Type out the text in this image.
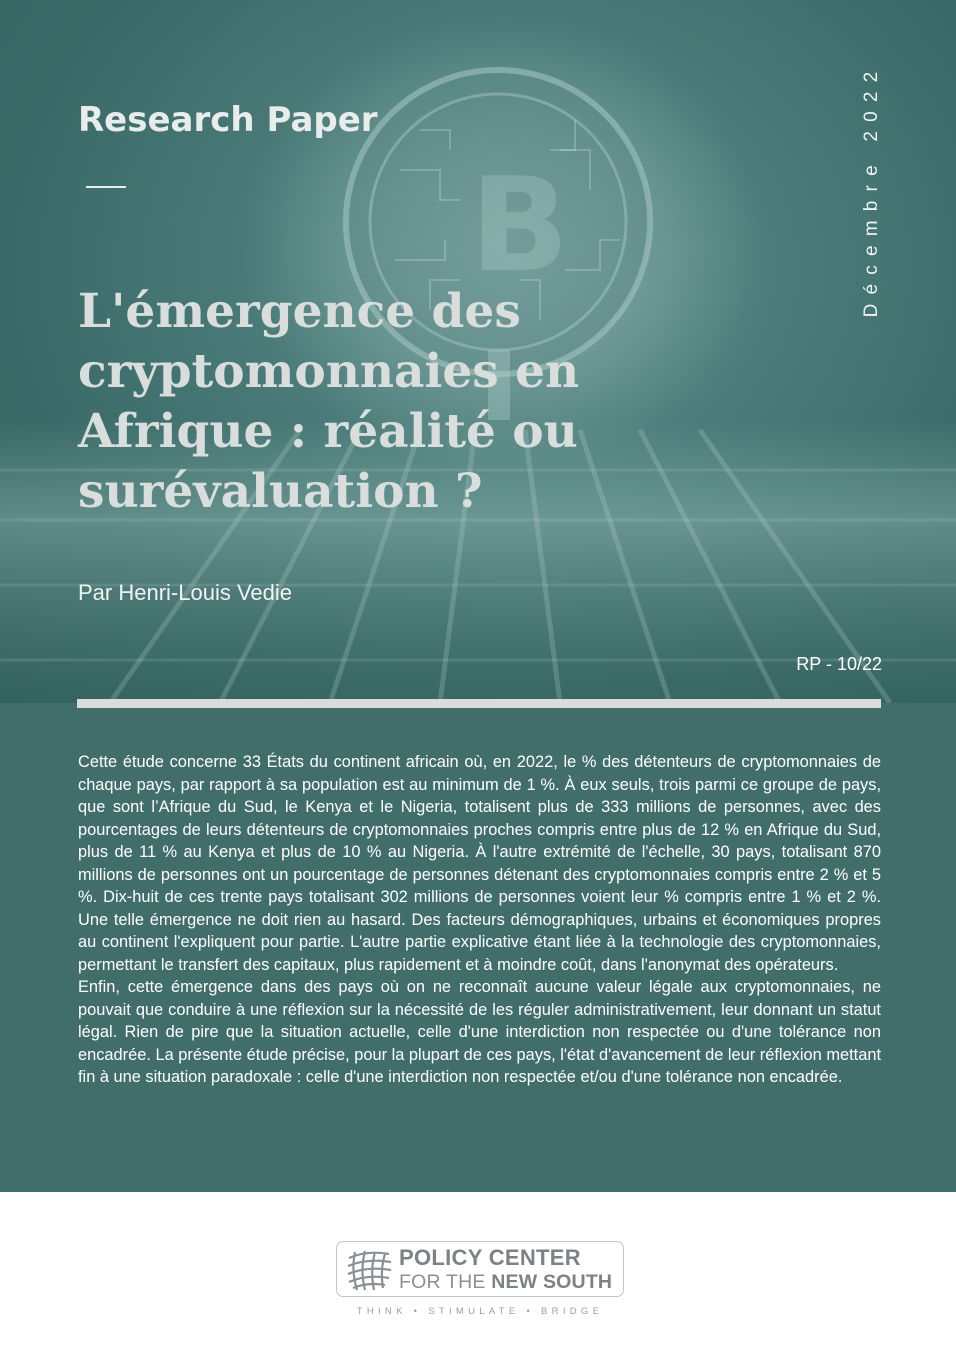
B
Research Paper
L'émergence des cryptomonnaies en Afrique : réalité ou surévaluation ?
Par Henri-Louis Vedie
Décembre 2022
RP - 10/22

Cette étude concerne 33 États du continent africain où, en 2022, le % des détenteurs de cryptomonnaies de chaque pays, par rapport à sa population est au minimum de 1 %. À eux seuls, trois parmi ce groupe de pays, que sont l’Afrique du Sud, le Kenya et le Nigeria, totalisent plus de 333 millions de personnes, avec des pourcentages de leurs détenteurs de cryptomonnaies proches compris entre plus de 12 % en Afrique du Sud, plus de 11 % au Kenya et plus de 10 % au Nigeria. À l'autre extrémité de l'échelle, 30 pays, totalisant 870 millions de personnes ont un pourcentage de personnes détenant des cryptomonnaies compris entre 2 % et 5 %. Dix-huit de ces trente pays totalisant 302 millions de personnes voient leur % compris entre 1 % et 2 %. Une telle émergence ne doit rien au hasard. Des facteurs démographiques, urbains et économiques propres au continent l'expliquent pour partie. L'autre partie explicative étant liée à la technologie des cryptomonnaies, permettant le transfert des capitaux, plus rapidement et à moindre coût, dans l'anonymat des opérateurs.

Enfin, cette émergence dans des pays où on ne reconnaît aucune valeur légale aux cryptomonnaies, ne pouvait que conduire à une réflexion sur la nécessité de les réguler administrativement, leur donnant un statut légal. Rien de pire que la situation actuelle, celle d'une interdiction non respectée ou d'une tolérance non encadrée. La présente étude précise, pour la plupart de ces pays, l'état d'avancement de leur réflexion mettant fin à une situation paradoxale : celle d'une interdiction non respectée et/ou d'une tolérance non encadrée.

POLICY CENTER
FOR THE NEW SOUTH
THINK • STIMULATE • BRIDGE
